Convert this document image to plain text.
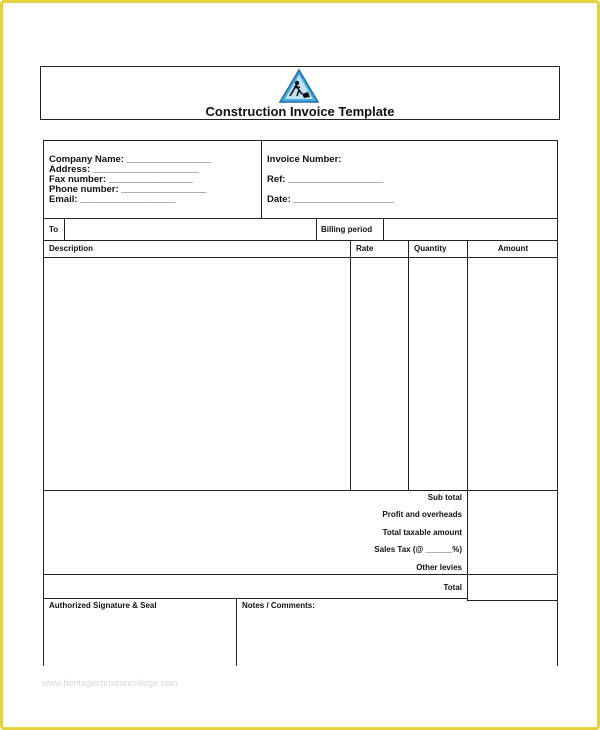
Construction Invoice Template
Company Name: ________________
Address: ____________________
Fax number: ________________
Phone number: ________________
Email: __________________
Invoice Number:
Ref: __________________
Date: ___________________
To	Billing period
Description	Rate	Quantity	Amount
Sub total
Profit and overheads
Total taxable amount
Sales Tax (@ ______%)
Other levies
Total
Authorized Signature & Seal	Notes / Comments:
www.heritagechristiancollege.com
